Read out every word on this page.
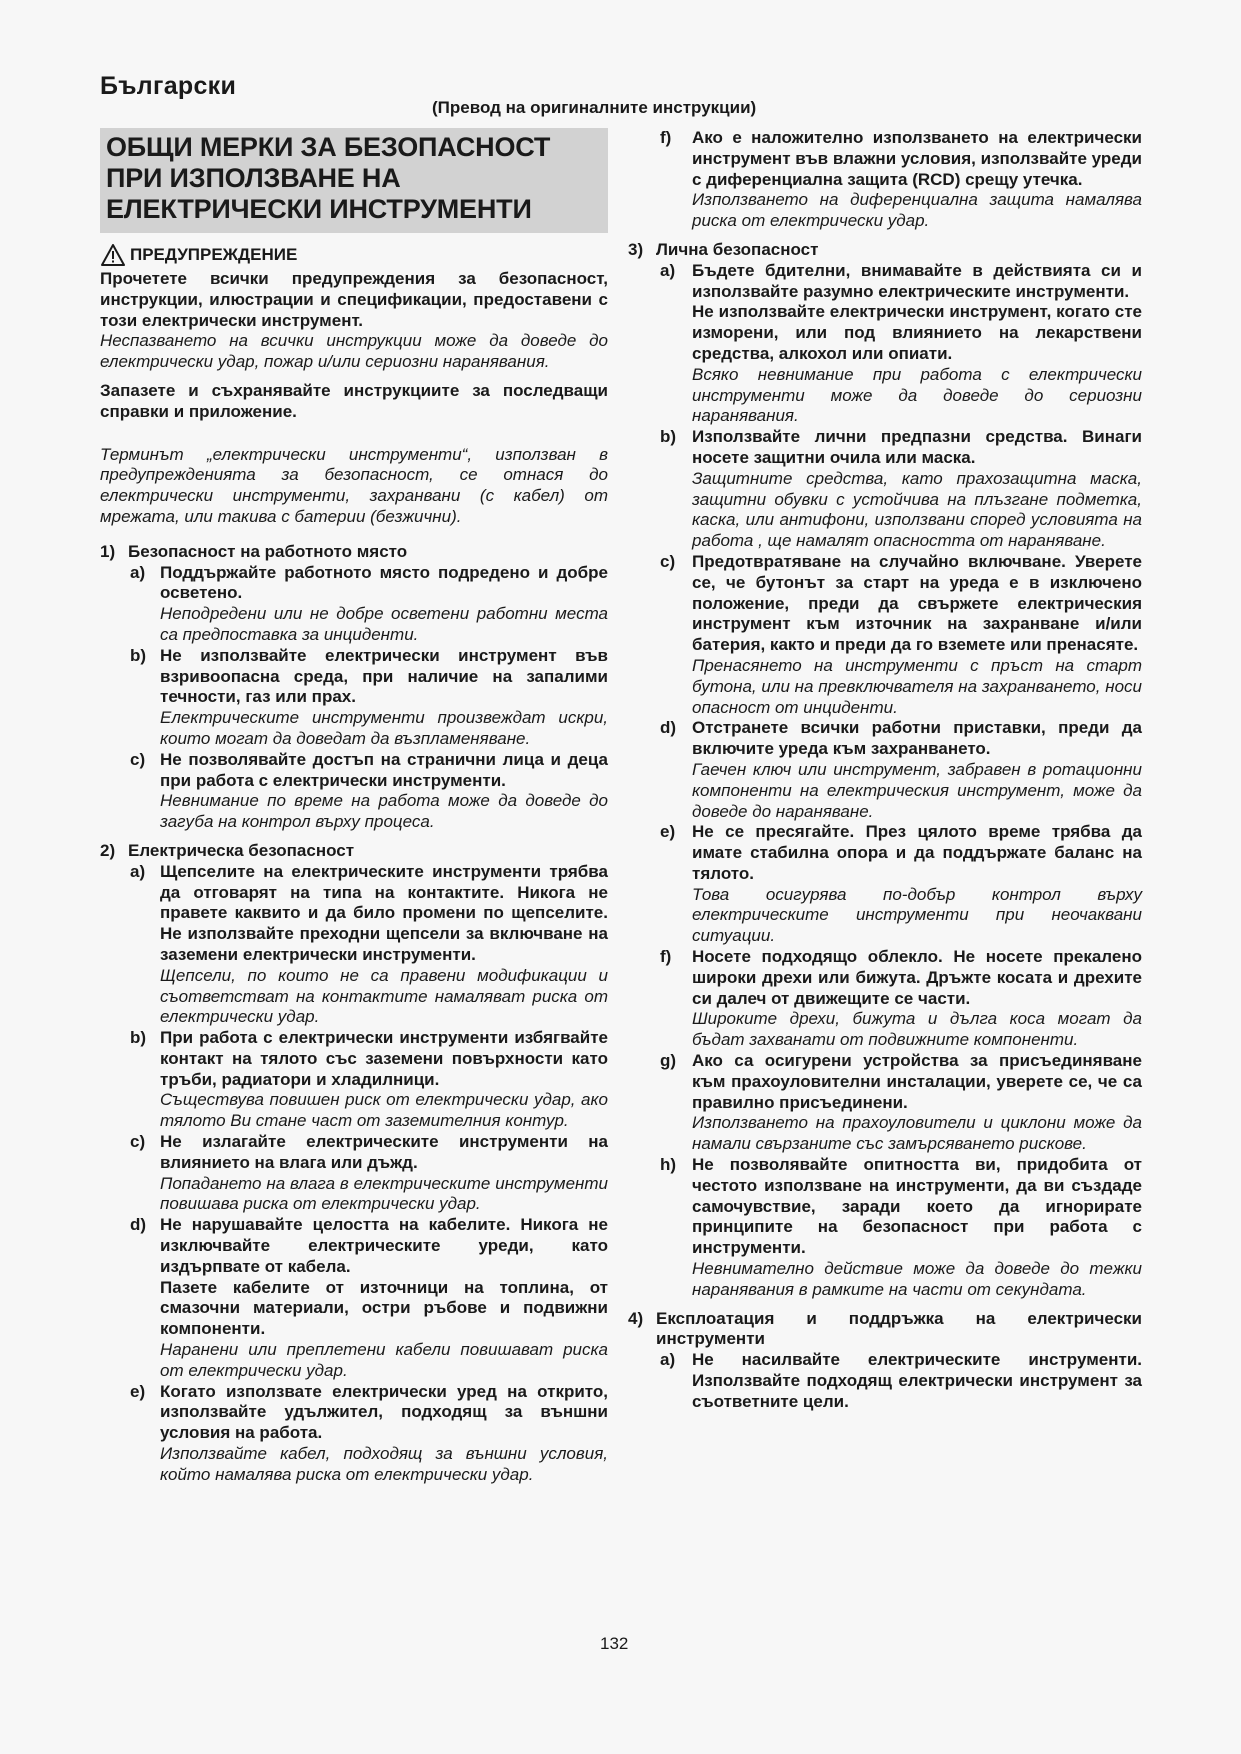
Български
(Превод на оригиналните инструкции)
ОБЩИ МЕРКИ ЗА БЕЗОПАСНОСТ ПРИ ИЗПОЛЗВАНЕ НА ЕЛЕКТРИЧЕСКИ ИНСТРУМЕНТИ
ПРЕДУПРЕЖДЕНИЕ
Прочетете всички предупреждения за безопасност, инструкции, илюстрации и спецификации, предоставени с този електрически инструмент.
Неспазването на всички инструкции може да доведе до електрически удар, пожар и/или сериозни наранявания.
Запазете и съхранявайте инструкциите за последващи справки и приложение.
Терминът „електрически инструменти“, използван в предупрежденията за безопасност, се отнася до електрически инструменти, захранвани (с кабел) от мрежата, или такива с батерии (безжични).
1) Безопасност на работното място
a) Поддържайте работното място подредено и добре осветено.
Неподредени или не добре осветени работни места са предпоставка за инциденти.
b) Не използвайте електрически инструмент във взривоопасна среда, при наличие на запалими течности, газ или прах.
Електрическите инструменти произвеждат искри, които могат да доведат да възпламеняване.
c) Не позволявайте достъп на странични лица и деца при работа с електрически инструменти.
Невнимание по време на работа може да доведе до загуба на контрол върху процеса.
2) Електрическа безопасност
a) Щепселите на електрическите инструменти трябва да отговарят на типа на контактите. Никога не правете каквито и да било промени по щепселите. Не използвайте преходни щепсели за включване на заземени електрически инструменти.
Щепсели, по които не са правени модификации и съответстват на контактите намаляват риска от електрически удар.
b) При работа с електрически инструменти избягвайте контакт на тялото със заземени повърхности като тръби, радиатори и хладилници.
Съществува повишен риск от електрически удар, ако тялото Ви стане част от заземителния контур.
c) Не излагайте електрическите инструменти на влиянието на влага или дъжд.
Попадането на влага в електрическите инструменти повишава риска от електрически удар.
d) Не нарушавайте целостта на кабелите. Никога не изключвайте електрическите уреди, като издърпвате от кабела.
Пазете кабелите от източници на топлина, от смазочни материали, остри ръбове и подвижни компоненти.
Наранени или преплетени кабели повишават риска от електрически удар.
e) Когато използвате електрически уред на открито, използвайте удължител, подходящ за външни условия на работа.
Използвайте кабел, подходящ за външни условия, който намалява риска от електрически удар.
f)	Ако е наложително използването на електрически инструмент във влажни условия, използвайте уреди с диференциална защита (RCD) срещу утечка.
Използването на диференциална защита намалява риска от електрически удар.
3) Лична безопасност
a) Бъдете бдителни, внимавайте в действията си и използвайте разумно електрическите инструменти.
Не използвайте електрически инструмент, когато сте изморени, или под влиянието на лекарствени средства, алкохол или опиати.
Всяко невнимание при работа с електрически инструменти може да доведе до сериозни наранявания.
b) Използвайте лични предпазни средства. Винаги носете защитни очила или маска.
Защитните средства, като прахозащитна маска, защитни обувки с устойчива на плъзгане подметка, каска, или антифони, използвани според условията на работа , ще намалят опасността от нараняване.
c) Предотвратяване на случайно включване. Уверете се, че бутонът за старт на уреда е в изключено положение, преди да свържете електрическия инструмент към източник на захранване и/или батерия, както и преди да го вземете или пренасяте.
Пренасянето на инструменти с пръст на старт бутона, или на превключвателя на захранването, носи опасност от инциденти.
d) Отстранете всички работни приставки, преди да включите уреда към захранването.
Гаечен ключ или инструмент, забравен в ротационни компоненти на електрическия инструмент, може да доведе до нараняване.
e) Не се пресягайте. През цялото време трябва да имате стабилна опора и да поддържате баланс на тялото.
Това осигурява по-добър контрол върху електрическите инструменти при неочаквани ситуации.
f)	Носете подходящо облекло. Не носете прекалено широки дрехи или бижута. Дръжте косата и дрехите си далеч от движещите се части.
Широките дрехи, бижута и дълга коса могат да бъдат захванати от подвижните компоненти.
g) Ако са осигурени устройства за присъединяване към прахоуловителни инсталации, уверете се, че са правилно присъединени.
Използването на прахоуловители и циклони може да намали свързаните със замърсяването рискове.
h) Не позволявайте опитността ви, придобита от честото използване на инструменти, да ви създаде самочувствие, заради което да игнорирате принципите на безопасност при работа с инструменти.
Невнимателно действие може да доведе до тежки наранявания в рамките на части от секундата.
4) Експлоатация и поддръжка на електрически инструменти
a) Не насилвайте електрическите инструменти. Използвайте подходящ електрически инструмент за съответните цели.
132
